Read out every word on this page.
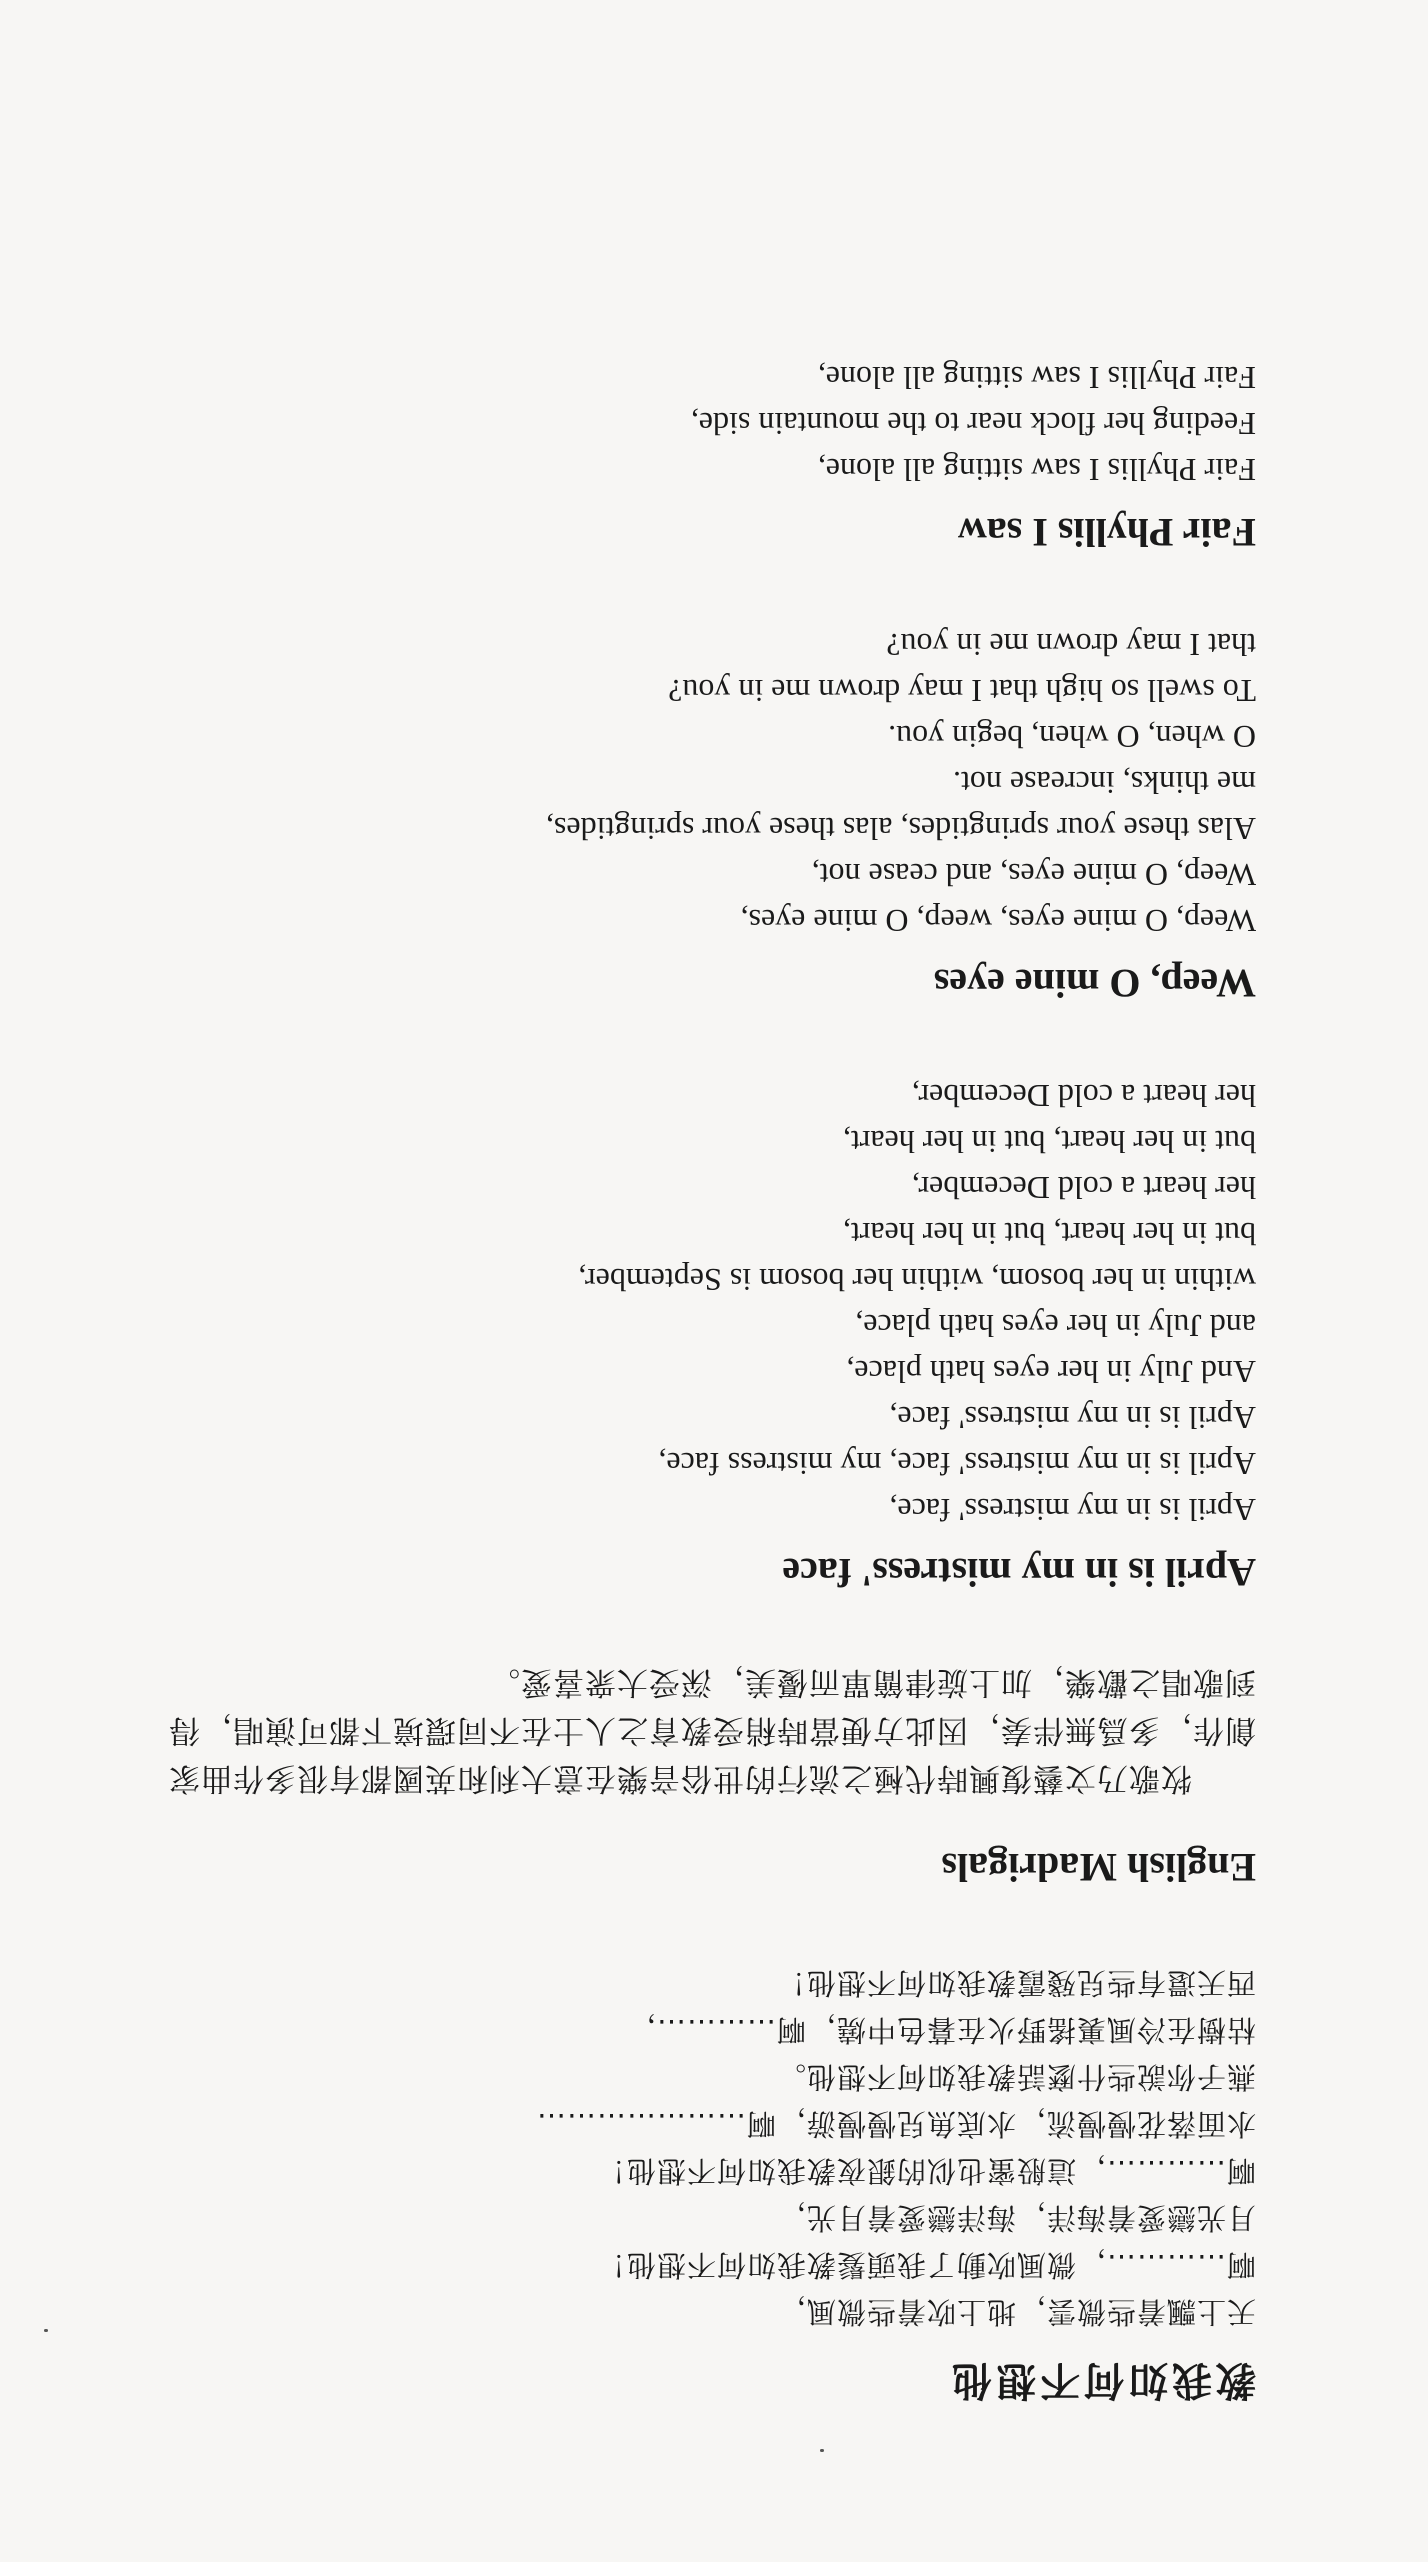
教我如何不想他
天上飄着些微雲，地上吹着些微風，
啊…………，微風吹動了我頭髮教我如何不想他！
月光戀愛着海洋，海洋戀愛着月光，
啊…………，這般蜜也似的銀夜教我如何不想他！
水面落花慢慢流，水底魚兒慢慢游，啊…………………
燕子你說些什麽話教我如何不想他。
枯樹在冷風裏搖野火在暮色中燒，啊…………，
西天還有些兒殘霞教我如何不想他！
English Madrigals

牧歌乃文藝復興時代極之流行的世俗音樂在意大利和英國都有很多作曲家創作，多爲無伴奏，因此方便當時稍受教育之人士在不同環境下都可演唱，得到歌唱之歡樂，加上旋律簡單而優美，深受大衆喜愛。

April is in my mistress' face
April is in my mistress' face,
April is in my mistress' face, my mistress face,
April is in my mistress' face,
And July in her eyes hath place,
and July in her eyes hath place,
within in her bosom, within her bosom is September,
but in her heart, but in her heart,
her heart a cold December,
but in her heart, but in her heart,
her heart a cold December,
Weep, O mine eyes
Weep, O mine eyes, weep, O mine eyes,
Weep, O mine eyes, and cease not,
Alas these your springtides, alas these your springtides,
me thinks, increase not.
O when, O when, begin you.
To swell so high that I may drown me in you?
that I may drown me in you?
Fair Phyllis I saw
Fair Phyllis I saw sitting all alone,
Feeding her flock near to the mountain side,
Fair Phyllis I saw sitting all alone,
